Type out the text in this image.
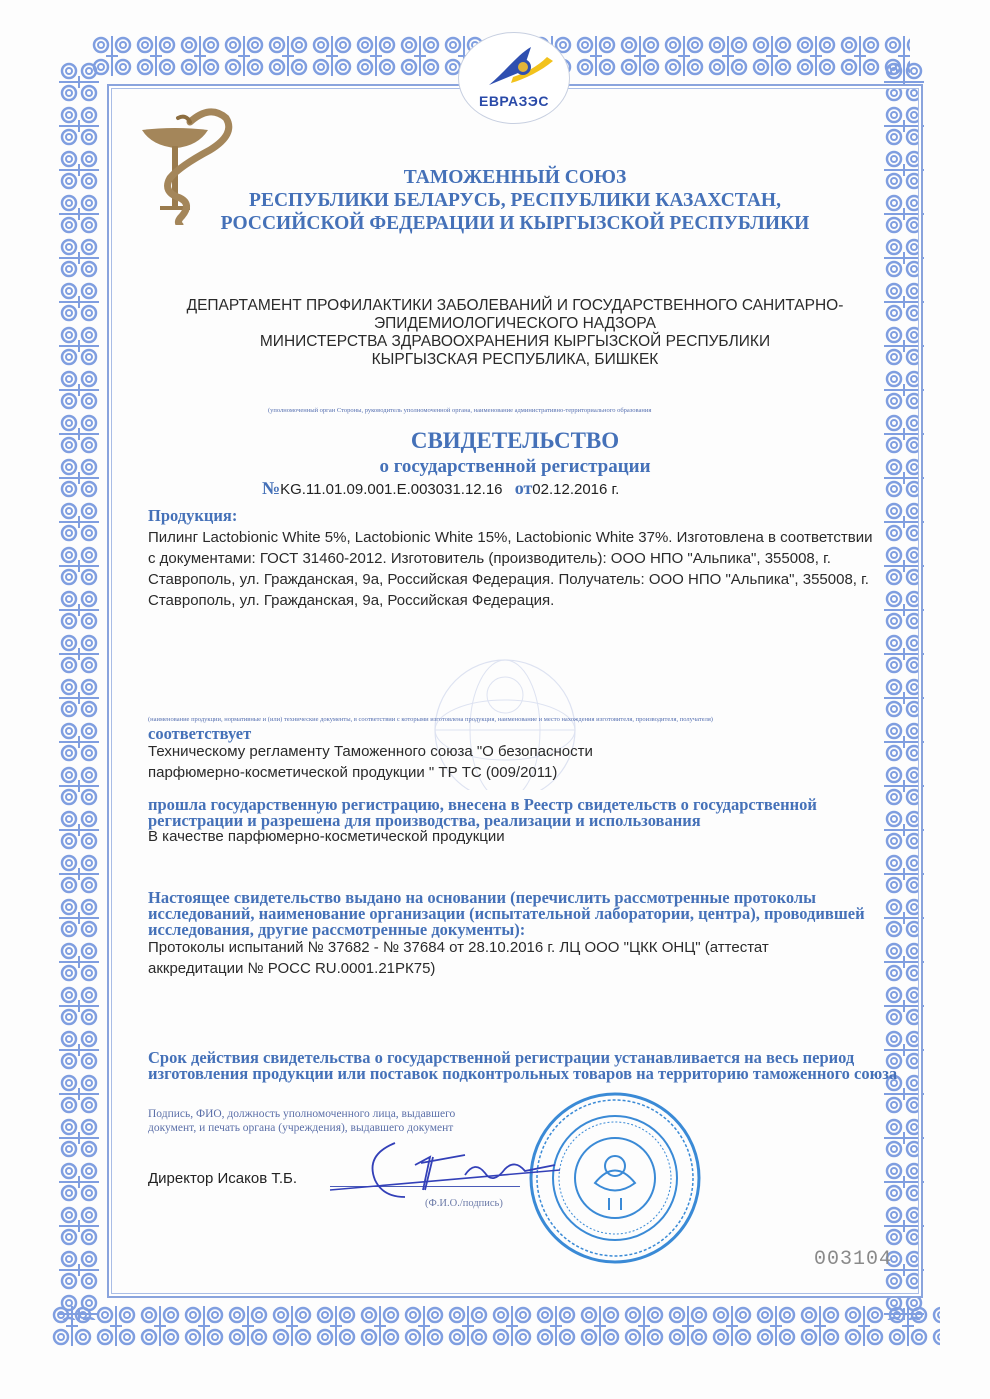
ЕВРАЗЭС
ТАМОЖЕННЫЙ СОЮЗ
РЕСПУБЛИКИ БЕЛАРУСЬ, РЕСПУБЛИКИ КАЗАХСТАН,
РОССИЙСКОЙ ФЕДЕРАЦИИ И КЫРГЫЗСКОЙ РЕСПУБЛИКИ
ДЕПАРТАМЕНТ ПРОФИЛАКТИКИ ЗАБОЛЕВАНИЙ И ГОСУДАРСТВЕННОГО САНИТАРНО-
ЭПИДЕМИОЛОГИЧЕСКОГО НАДЗОРА
МИНИСТЕРСТВА ЗДРАВООХРАНЕНИЯ КЫРГЫЗСКОЙ РЕСПУБЛИКИ
КЫРГЫЗСКАЯ РЕСПУБЛИКА, БИШКЕК
(уполномоченный орган Стороны, руководитель уполномоченной органа, наименование административно-территориального образования
СВИДЕТЕЛЬСТВО
о государственной регистрации
№KG.11.01.09.001.Е.003031.12.16 от02.12.2016 г.
Продукция:
Пилинг Lactobionic White 5%, Lactobionic White 15%, Lactobionic White 37%. Изготовлена в соответствии с документами: ГОСТ 31460-2012. Изготовитель (производитель): ООО НПО "Альпика", 355008, г. Ставрополь, ул. Гражданская, 9а, Российская Федерация. Получатель: ООО НПО "Альпика", 355008, г. Ставрополь, ул. Гражданская, 9а, Российская Федерация.
(наименование продукции, нормативные и (или) технические документы, в соответствии с которыми изготовлена продукция, наименование и место нахождения изготовителя, производителя, получателя)
соответствует
Техническому регламенту Таможенного союза "О безопасности парфюмерно-косметической продукции " ТР ТС (009/2011)
прошла государственную регистрацию, внесена в Реестр свидетельств о государственной регистрации и разрешена для производства, реализации и использования
В качестве парфюмерно-косметической продукции
Настоящее свидетельство выдано на основании (перечислить рассмотренные протоколы исследований, наименование организации (испытательной лаборатории, центра), проводившей исследования, другие рассмотренные документы):
Протоколы испытаний № 37682 - № 37684 от 28.10.2016 г. ЛЦ ООО "ЦКК ОНЦ" (аттестат аккредитации № РОСС RU.0001.21РК75)
Срок действия свидетельства о государственной регистрации устанавливается на весь период изготовления продукции или поставок подконтрольных товаров на территорию таможенного союза
Подпись, ФИО, должность уполномоченного лица, выдавшего документ, и печать органа (учреждения), выдавшего документ
Директор Исаков Т.Б.
(Ф.И.О./подпись)
003104
